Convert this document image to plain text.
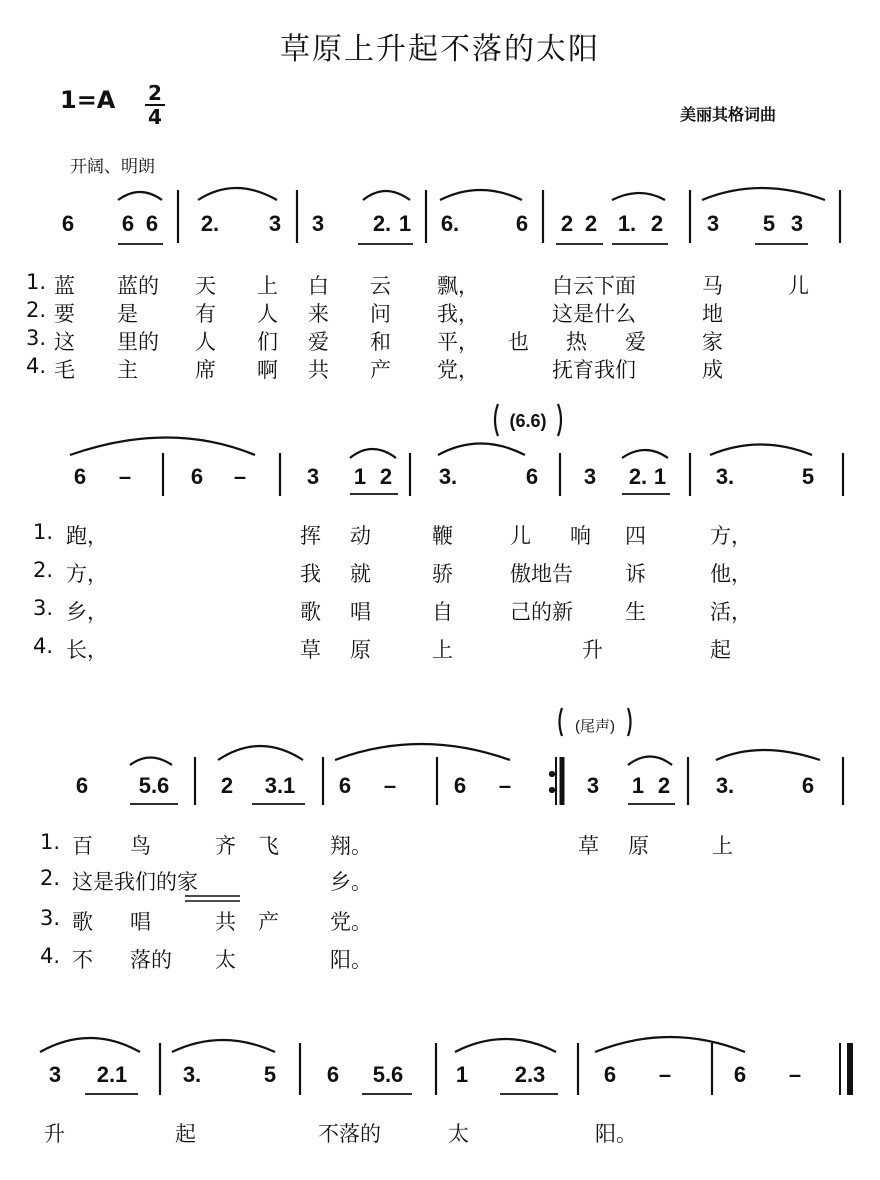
草原上升起不落的太阳
1=A 2
4	美丽其格词曲
开阔、明朗
6 6 6 2. 3 3 2. 1 6.	6 2 2 1. 2 3 5 3
6 –	6 –	3 1 2 3.	6 3 2. 1 3.	5
(6.6)
6 5.6 2 3.1 6 –	6 –	3 1 2 3.	6
(尾声)
3 2.1	3.	5 6 5.6 1 2.3	6 –	6 –
1. 蓝 蓝的 天 上 白 云 飘，	白云下面	马	儿
2. 要 是	有 人 来 问 我，	这是什么	地
3. 这 里的 人 们 爱 和 平， 也 热 爱	家
4. 毛 主	席 啊 共 产 党，	抚育我们	成
1. 跑，	挥 动	鞭	儿 响 四	方，
2. 方，	我 就	骄	傲地告 诉	他，
3. 乡，	歌 唱	自	己的新 生	活，
4. 长，	草 原	上	升	起
1. 百 鸟	齐 飞 翔。	草 原	上
2. 这是我们的家	乡。
3. 歌 唱	共 产 党。
4. 不 落的 太	阳。
升	起	不落的	太	阳。
